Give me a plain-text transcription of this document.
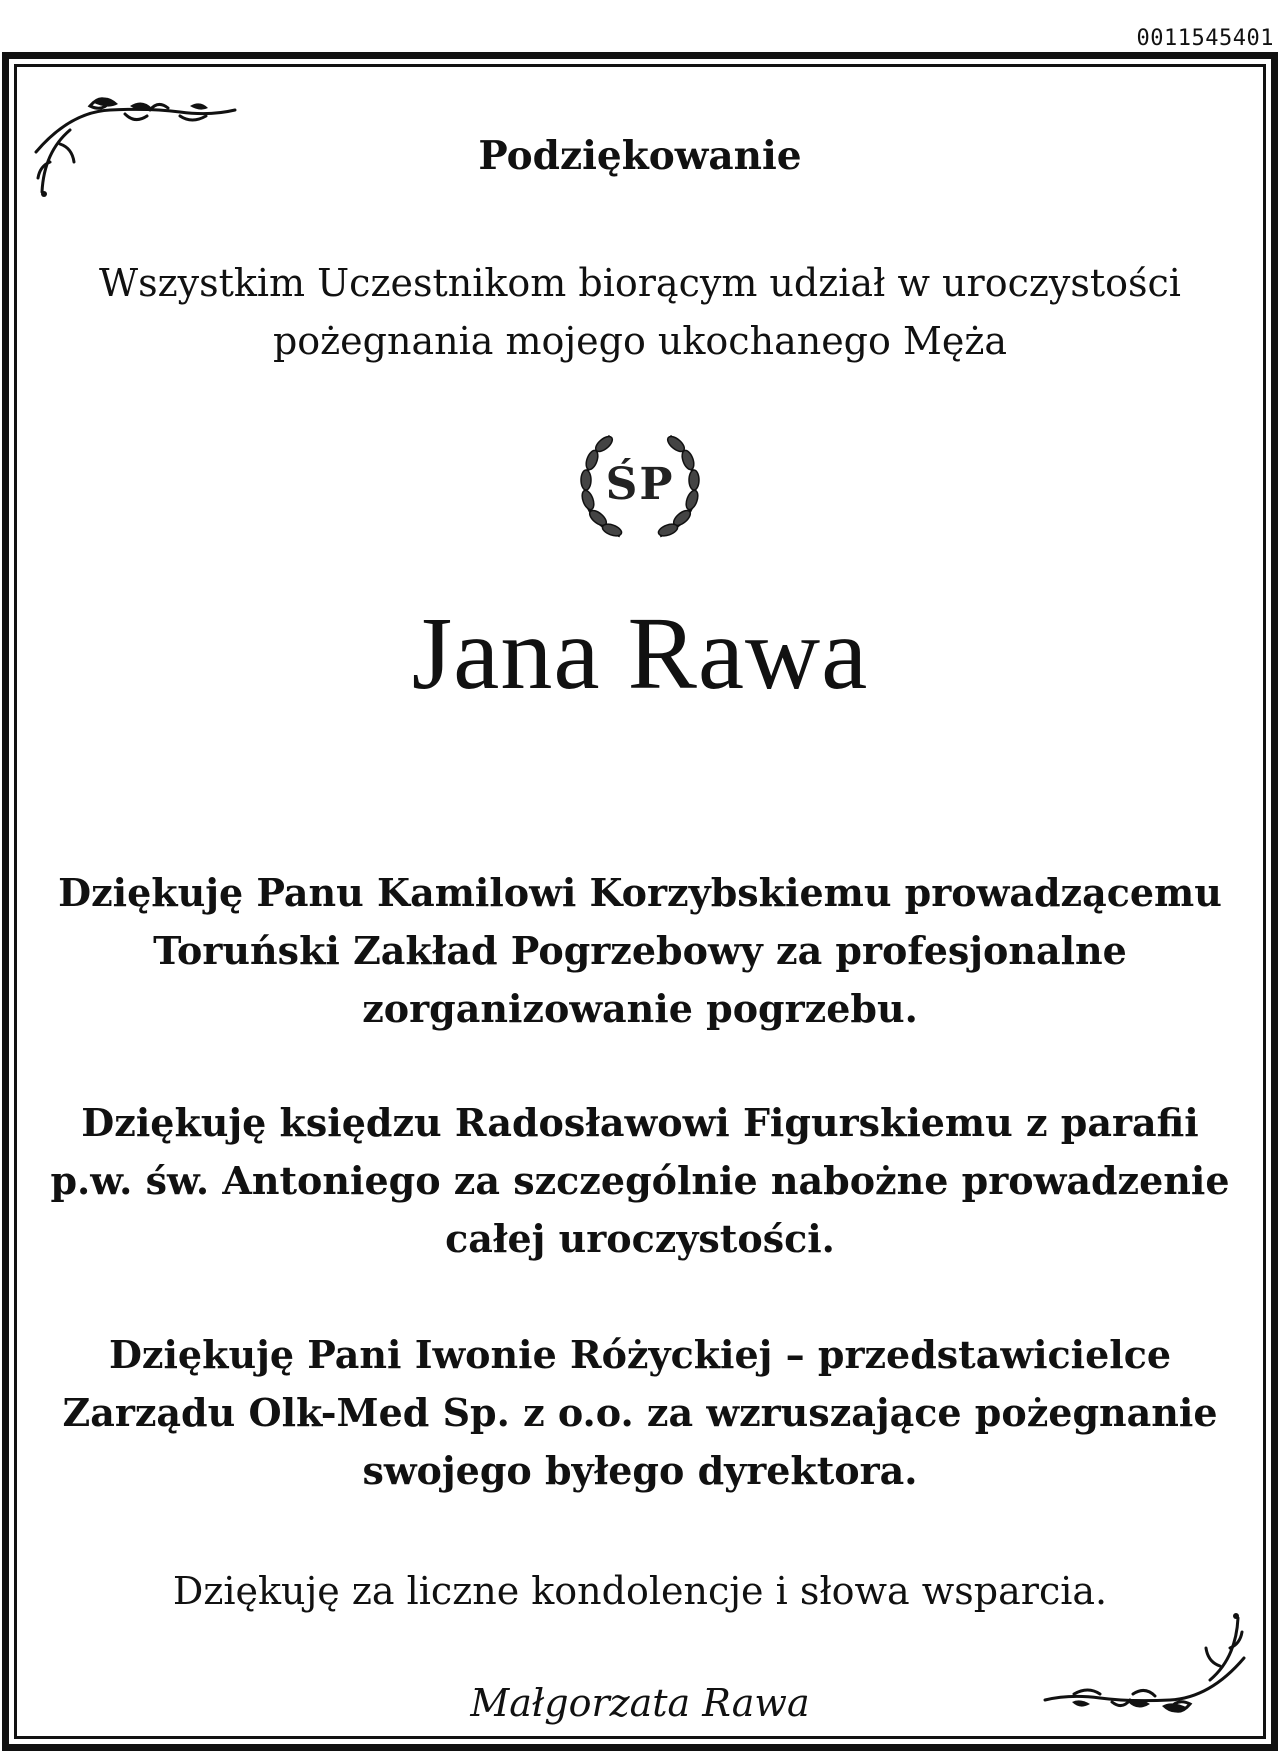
0011545401
Podziękowanie
Wszystkim Uczestnikom biorącym udział w uroczystości
pożegnania mojego ukochanego Męża
ŚP
Jana Rawa
Dziękuję Panu Kamilowi Korzybskiemu prowadzącemu
Toruński Zakład Pogrzebowy za profesjonalne
zorganizowanie pogrzebu.
Dziękuję księdzu Radosławowi Figurskiemu z parafii
p.w. św. Antoniego za szczególnie nabożne prowadzenie
całej uroczystości.
Dziękuję Pani Iwonie Różyckiej – przedstawicielce
Zarządu Olk-Med Sp. z o.o. za wzruszające pożegnanie
swojego byłego dyrektora.
Dziękuję za liczne kondolencje i słowa wsparcia.
Małgorzata Rawa
